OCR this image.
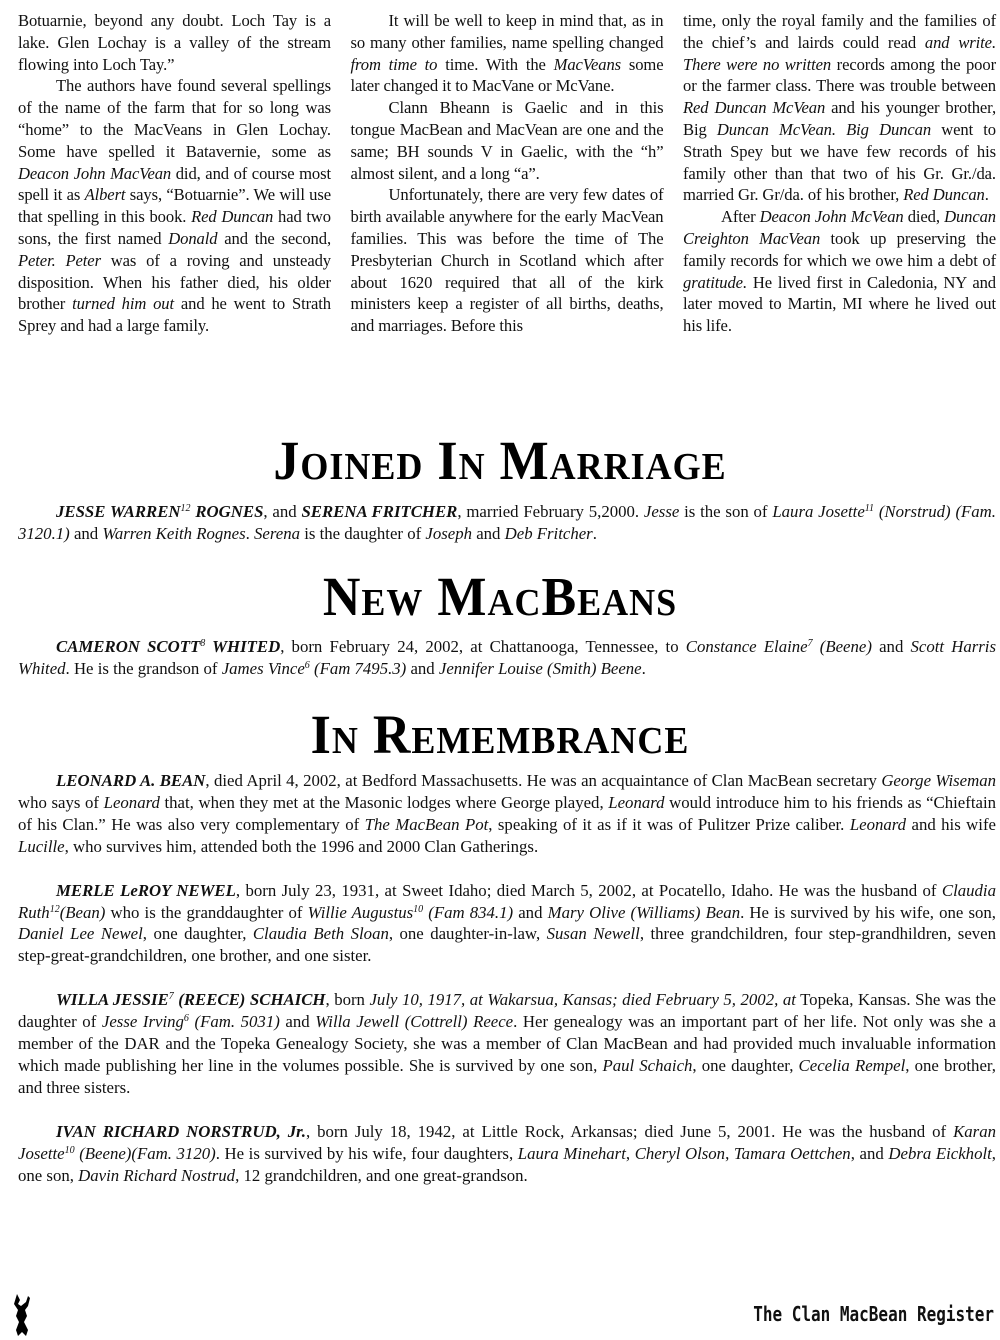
Botuarnie, beyond any doubt. Loch Tay is a lake. Glen Lochay is a valley of the stream flowing into Loch Tay.”

The authors have found several spellings of the name of the farm that for so long was “home” to the MacVeans in Glen Lochay. Some have spelled it Batavernie, some as Deacon John MacVean did, and of course most spell it as Albert says, “Botuarnie”. We will use that spelling in this book. Red Duncan had two sons, the first named Donald and the second, Peter. Peter was of a roving and unsteady disposition. When his father died, his older brother turned him out and he went to Strath Sprey and had a large family.

It will be well to keep in mind that, as in so many other families, name spelling changed from time to time. With the MacVeans some later changed it to MacVane or McVane.

Clann Bheann is Gaelic and in this tongue MacBean and MacVean are one and the same; BH sounds V in Gaelic, with the “h” almost silent, and a long “a”.

Unfortunately, there are very few dates of birth available anywhere for the early MacVean families. This was before the time of The Presbyterian Church in Scotland which after about 1620 required that all of the kirk ministers keep a register of all births, deaths, and marriages. Before this

time, only the royal family and the families of the chief’s and lairds could read and write. There were no written records among the poor or the farmer class. There was trouble between Red Duncan McVean and his younger brother, Big Duncan McVean. Big Duncan went to Strath Spey but we have few records of his family other than that two of his Gr. Gr./da. married Gr. Gr/da. of his brother, Red Duncan.

After Deacon John McVean died, Duncan Creighton MacVean took up preserving the family records for which we owe him a debt of gratitude. He lived first in Caledonia, NY and later moved to Martin, MI where he lived out his life.

Joined In Marriage

JESSE WARREN$^{12}$ ROGNES, and SERENA FRITCHER, married February 5,2000. Jesse is the son of Laura Josette$^{11}$ (Norstrud) (Fam. 3120.1) and Warren Keith Rognes. Serena is the daughter of Joseph and Deb Fritcher.

New MacBeans

CAMERON SCOTT$^8$ WHITED, born February 24, 2002, at Chattanooga, Tennessee, to Constance Elaine$^7$ (Beene) and Scott Harris Whited. He is the grandson of James Vince$^6$ (Fam 7495.3) and Jennifer Louise (Smith) Beene.

In Remembrance

LEONARD A. BEAN, died April 4, 2002, at Bedford Massachusetts. He was an acquaintance of Clan MacBean secretary George Wiseman who says of Leonard that, when they met at the Masonic lodges where George played, Leonard would introduce him to his friends as “Chieftain of his Clan.” He was also very complementary of The MacBean Pot, speaking of it as if it was of Pulitzer Prize caliber. Leonard and his wife Lucille, who survives him, attended both the 1996 and 2000 Clan Gatherings.

MERLE LeROY NEWEL, born July 23, 1931, at Sweet Idaho; died March 5, 2002, at Pocatello, Idaho. He was the husband of Claudia Ruth$^{12}$(Bean) who is the granddaughter of Willie Augustus$^{10}$ (Fam 834.1) and Mary Olive (Williams) Bean. He is survived by his wife, one son, Daniel Lee Newel, one daughter, Claudia Beth Sloan, one daughter-in-law, Susan Newell, three grandchildren, four step-grandhildren, seven step-great-grandchildren, one brother, and one sister.

WILLA JESSIE$^7$ (REECE) SCHAICH, born July 10, 1917, at Wakarsua, Kansas; died February 5, 2002, at Topeka, Kansas. She was the daughter of Jesse Irving$^6$ (Fam. 5031) and Willa Jewell (Cottrell) Reece. Her genealogy was an important part of her life. Not only was she a member of the DAR and the Topeka Genealogy Society, she was a member of Clan MacBean and had provided much invaluable information which made publishing her line in the volumes possible. She is survived by one son, Paul Schaich, one daughter, Cecelia Rempel, one brother, and three sisters.

IVAN RICHARD NORSTRUD, Jr., born July 18, 1942, at Little Rock, Arkansas; died June 5, 2001. He was the husband of Karan Josette$^{10}$ (Beene)(Fam. 3120). He is survived by his wife, four daughters, Laura Minehart, Cheryl Olson, Tamara Oettchen, and Debra Eickholt, one son, Davin Richard Nostrud, 12 grandchildren, and one great-grandson.

The Clan MacBean Register
